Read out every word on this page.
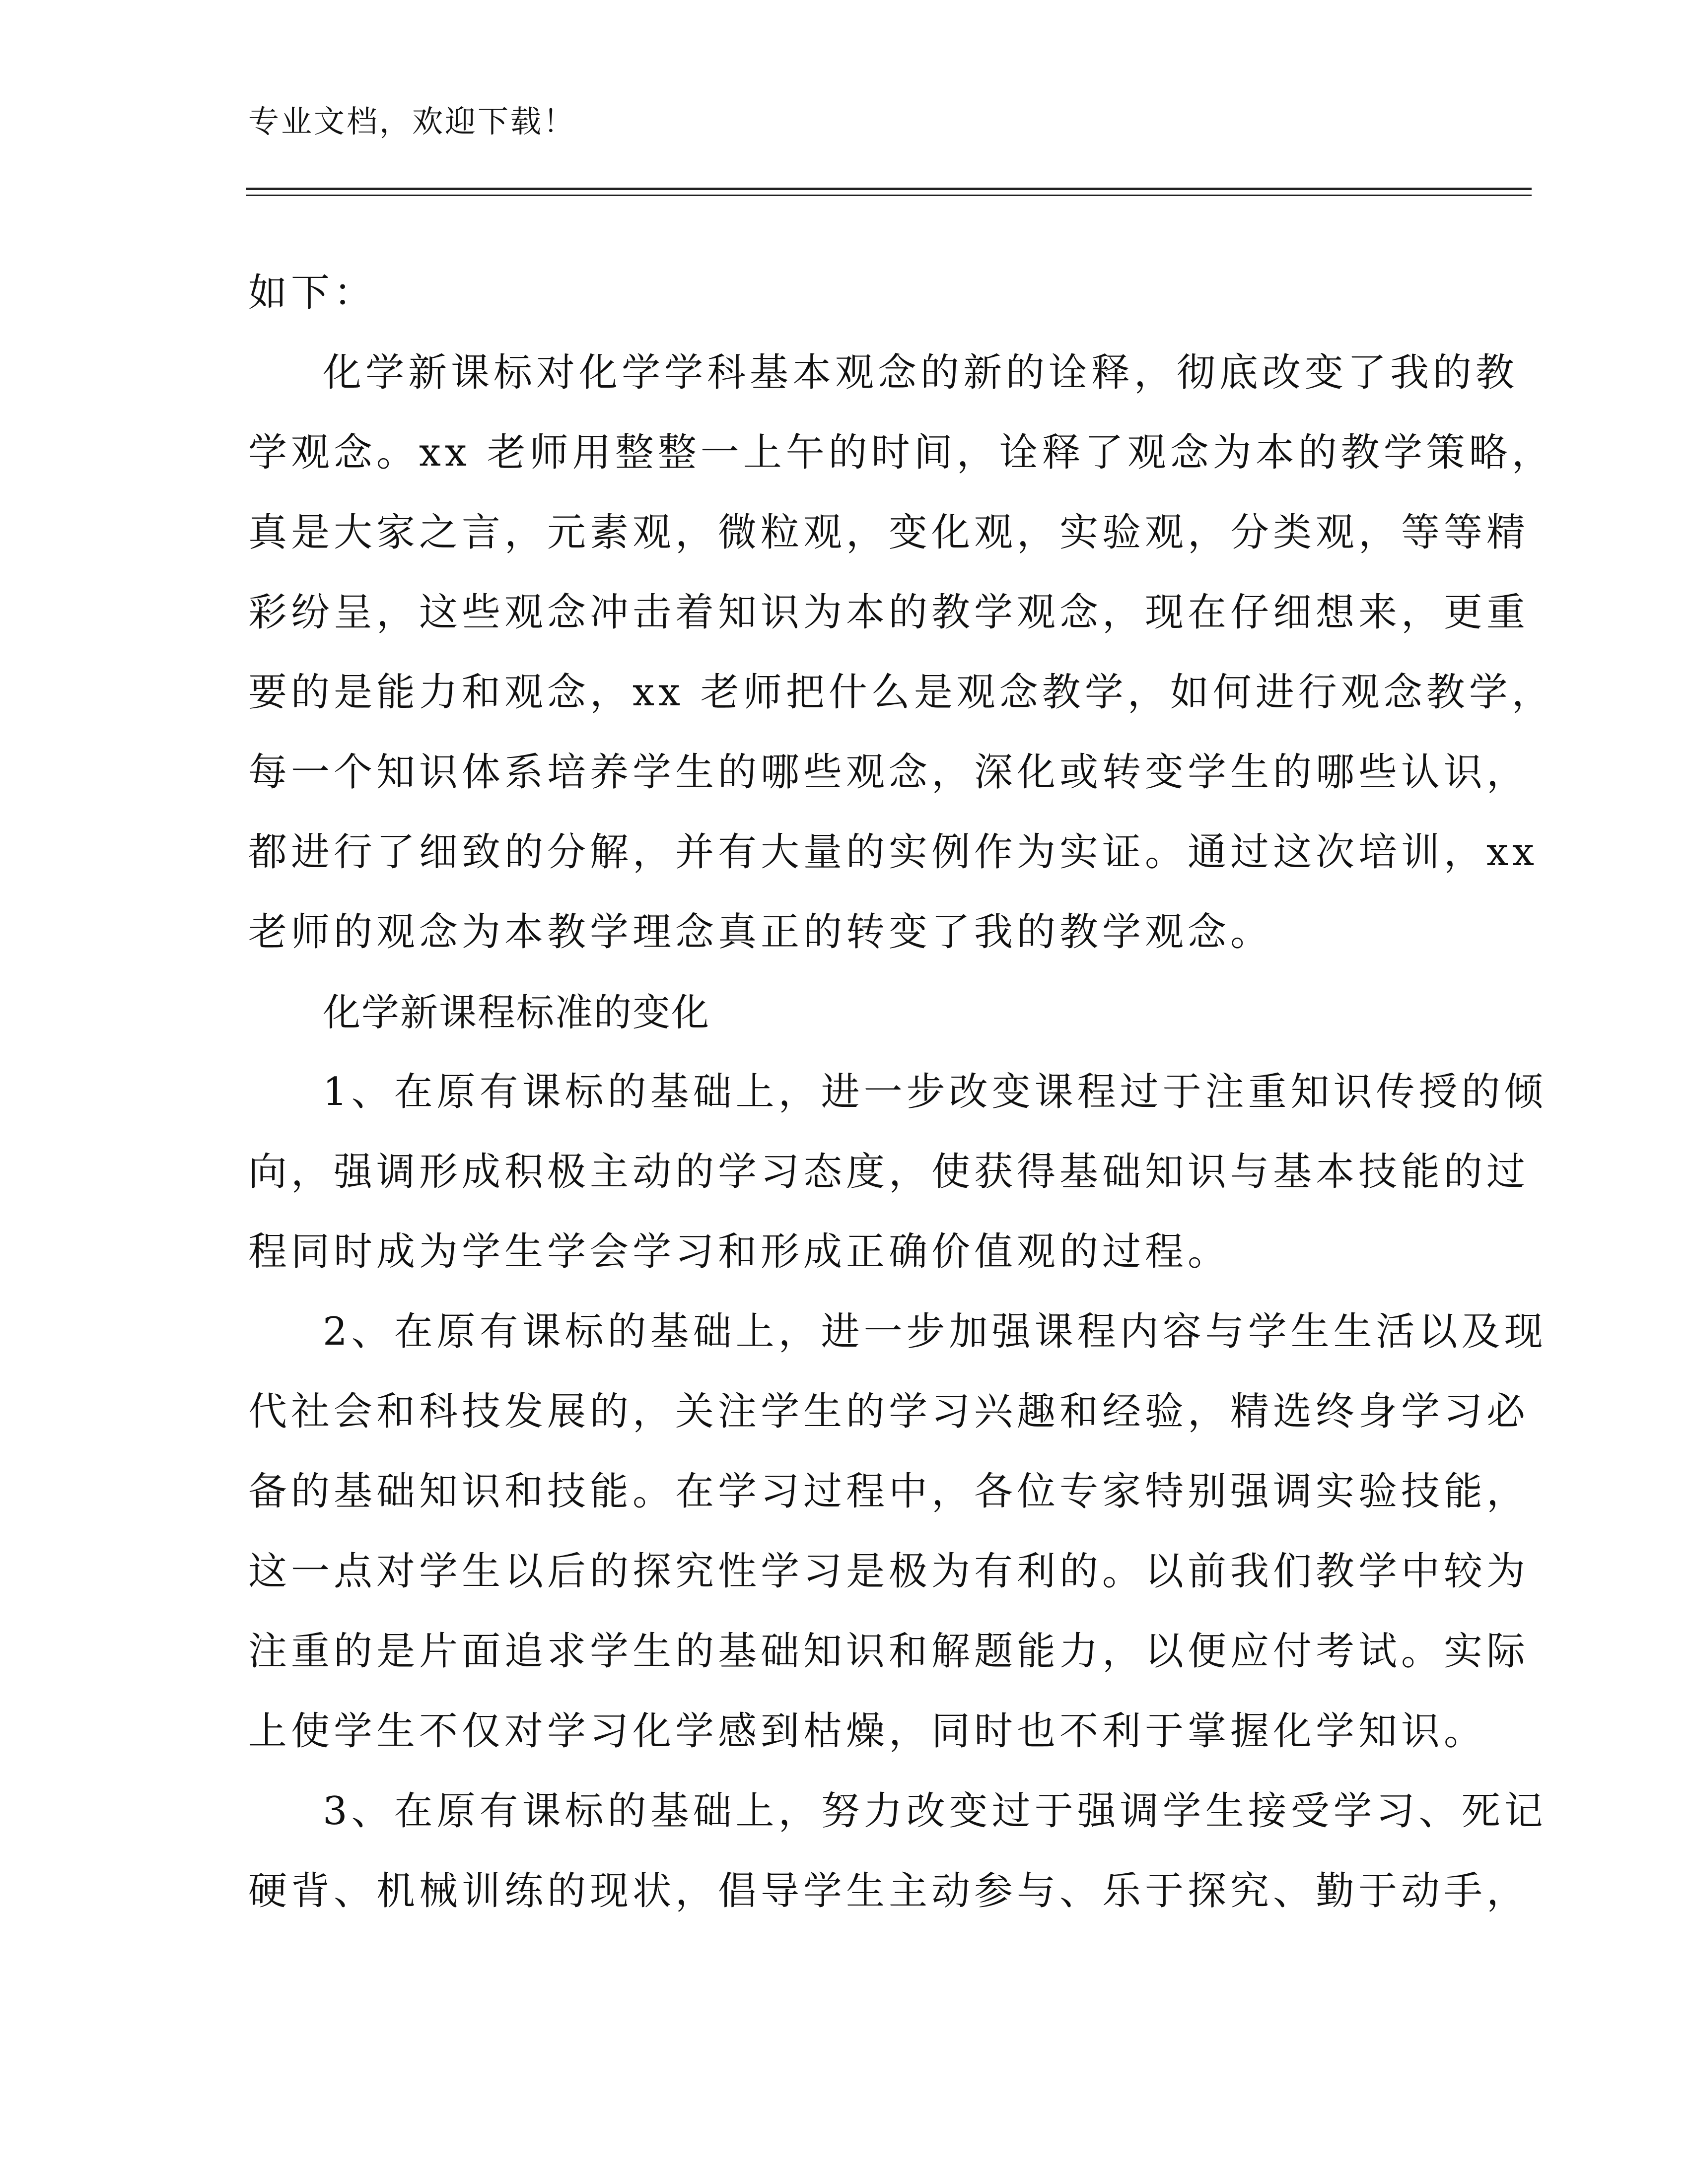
专业文档，欢迎下载！
如下：
化学新课标对化学学科基本观念的新的诠释，彻底改变了我的教
学观念。xx 老师用整整一上午的时间，诠释了观念为本的教学策略，
真是大家之言，元素观，微粒观，变化观，实验观，分类观，等等精
彩纷呈，这些观念冲击着知识为本的教学观念，现在仔细想来，更重
要的是能力和观念，xx 老师把什么是观念教学，如何进行观念教学，
每一个知识体系培养学生的哪些观念，深化或转变学生的哪些认识，
都进行了细致的分解，并有大量的实例作为实证。通过这次培训，xx
老师的观念为本教学理念真正的转变了我的教学观念。
化学新课程标准的变化
1、在原有课标的基础上，进一步改变课程过于注重知识传授的倾
向，强调形成积极主动的学习态度，使获得基础知识与基本技能的过
程同时成为学生学会学习和形成正确价值观的过程。
2、在原有课标的基础上，进一步加强课程内容与学生生活以及现
代社会和科技发展的，关注学生的学习兴趣和经验，精选终身学习必
备的基础知识和技能。在学习过程中，各位专家特别强调实验技能，
这一点对学生以后的探究性学习是极为有利的。以前我们教学中较为
注重的是片面追求学生的基础知识和解题能力，以便应付考试。实际
上使学生不仅对学习化学感到枯燥，同时也不利于掌握化学知识。
3、在原有课标的基础上，努力改变过于强调学生接受学习、死记
硬背、机械训练的现状，倡导学生主动参与、乐于探究、勤于动手，
